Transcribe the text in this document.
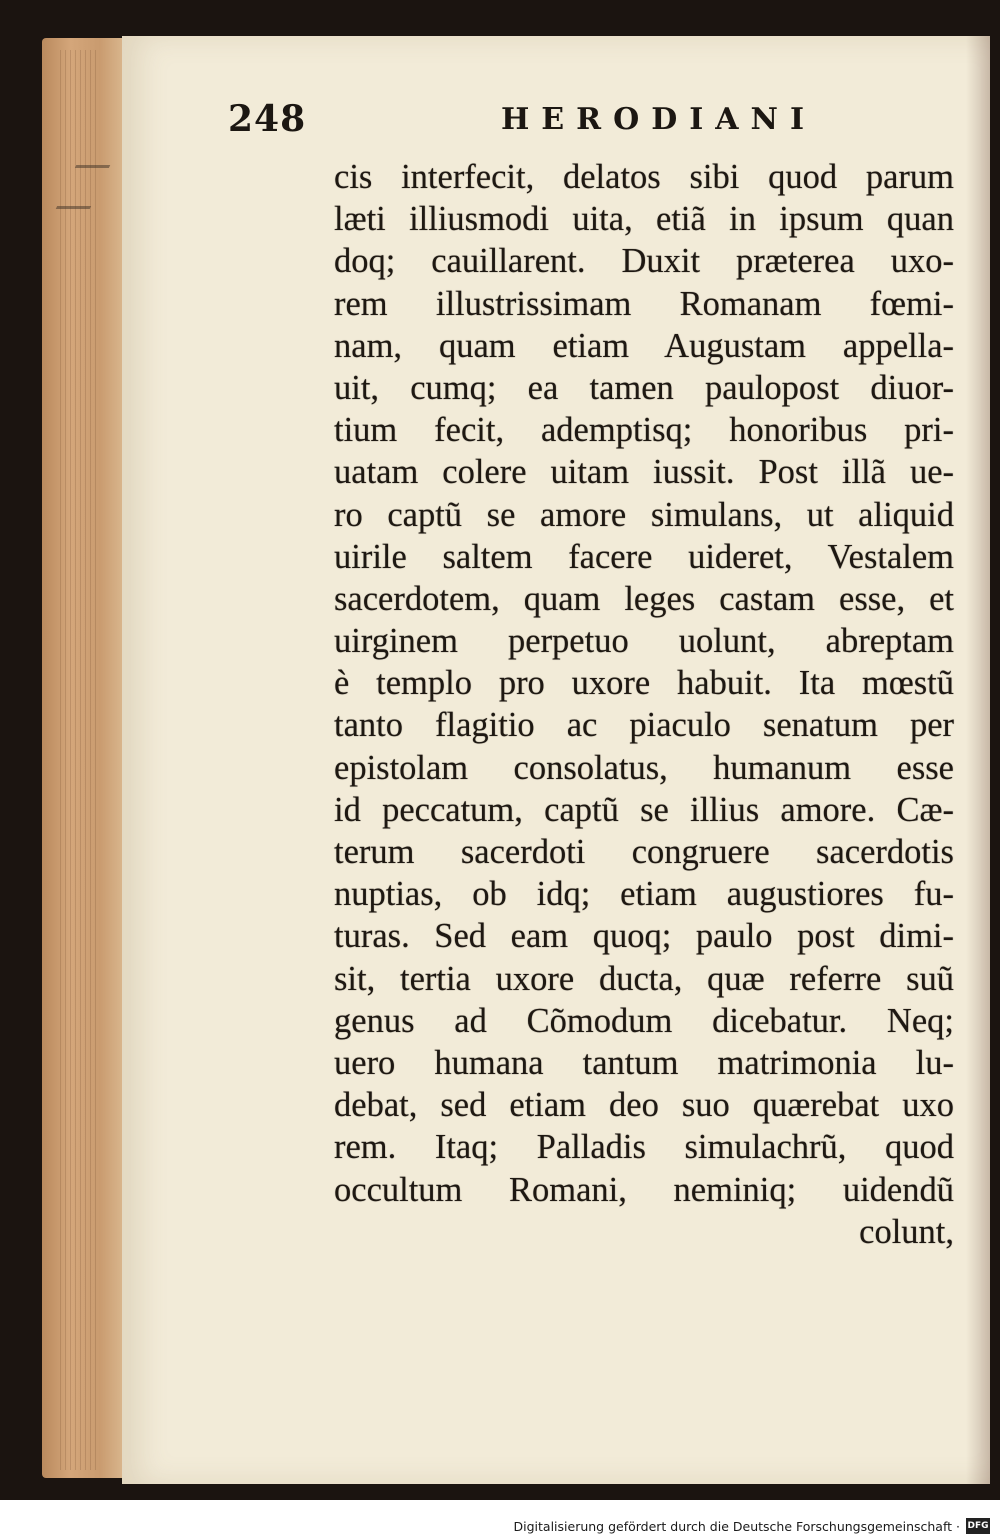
248	HERODIANI
cis interfecit, delatos sibi quod parum
læti illiusmodi uita, etiã in ipsum quan
doq; cauillarent. Duxit præterea uxo-
rem illustrissimam Romanam fœmi-
nam, quam etiam Augustam appella-
uit, cumq; ea tamen paulopost diuor-
tium fecit, ademptisq; honoribus pri-
uatam colere uitam iussit. Post illã ue-
ro captũ se amore simulans, ut aliquid
uirile saltem facere uideret, Vestalem
sacerdotem, quam leges castam esse, et
uirginem perpetuo uolunt, abreptam
è templo pro uxore habuit. Ita mœstũ
tanto flagitio ac piaculo senatum per
epistolam consolatus, humanum esse
id peccatum, captũ se illius amore. Cæ-
terum sacerdoti congruere sacerdotis
nuptias, ob idq; etiam augustiores fu-
turas. Sed eam quoq; paulo post dimi-
sit, tertia uxore ducta, quæ referre suũ
genus ad Cõmodum dicebatur. Neq;
uero humana tantum matrimonia lu-
debat, sed etiam deo suo quærebat uxo
rem. Itaq; Palladis simulachrũ, quod
occultum Romani, neminiq; uidendũ
colunt,
Digitalisierung gefördert durch die Deutsche Forschungsgemeinschaft · DFG
